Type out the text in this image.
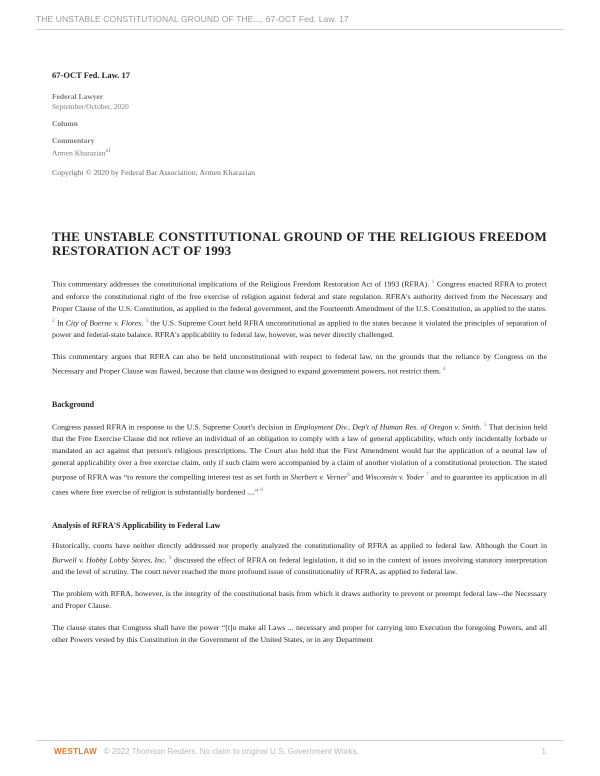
THE UNSTABLE CONSTITUTIONAL GROUND OF THE..., 67-OCT Fed. Law. 17

67-OCT Fed. Law. 17

Federal Lawyer

September/October, 2020

Column

Commentary

Armen Kharazian$^{a1}$

Copyright © 2020 by Federal Bar Association; Armen Kharazian

THE UNSTABLE CONSTITUTIONAL GROUND OF THE RELIGIOUS FREEDOM RESTORATION ACT OF 1993

This commentary addresses the constitutional implications of the Religious Freedom Restoration Act of 1993 (RFRA). $^1$ Congress enacted RFRA to protect and enforce the constitutional right of the free exercise of religion against federal and state regulation. RFRA's authority derived from the Necessary and Proper Clause of the U.S. Constitution, as applied to the federal government, and the Fourteenth Amendment of the U.S. Constitution, as applied to the states. $^2$ In City of Boerne v. Flores, $^3$ the U.S. Supreme Court held RFRA unconstitutional as applied to the states because it violated the principles of separation of power and federal-state balance. RFRA's applicability to federal law, however, was never directly challenged.

This commentary argues that RFRA can also be held unconstitutional with respect to federal law, on the grounds that the reliance by Congress on the Necessary and Proper Clause was flawed, because that clause was designed to expand government powers, not restrict them. $^4$

Background

Congress passed RFRA in response to the U.S. Supreme Court's decision in Employment Div., Dep't of Human Res. of Oregon v. Smith. $^5$ That decision held that the Free Exercise Clause did not relieve an individual of an obligation to comply with a law of general applicability, which only incidentally forbade or mandated an act against that person's religious prescriptions. The Court also held that the First Amendment would bar the application of a neutral law of general applicability over a free exercise claim, only if such claim were accompanied by a claim of another violation of a constitutional protection. The stated purpose of RFRA was “to restore the compelling interest test as set forth in Sherbert v. Verner$^6$ and Wisconsin v. Yoder $^7$ and to guarantee its application in all cases where free exercise of religion is substantially burdened ....” $^8$

Analysis of RFRA'S Applicability to Federal Law

Historically, courts have neither directly addressed nor properly analyzed the constitutionality of RFRA as applied to federal law. Although the Court in Burwell v. Hobby Lobby Stores, Inc. $^9$ discussed the effect of RFRA on federal legislation, it did so in the context of issues involving statutory interpretation and the level of scrutiny. The court never reached the more profound issue of constitutionality of RFRA, as applied to federal law.

The problem with RFRA, however, is the integrity of the constitutional basis from which it draws authority to prevent or preempt federal law--the Necessary and Proper Clause.

The clause states that Congress shall have the power “[t]o make all Laws ... necessary and proper for carrying into Execution the foregoing Powers, and all other Powers vested by this Constitution in the Government of the United States, or in any Department

WESTLAW © 2022 Thomson Reuters. No claim to original U.S. Government Works.	1
